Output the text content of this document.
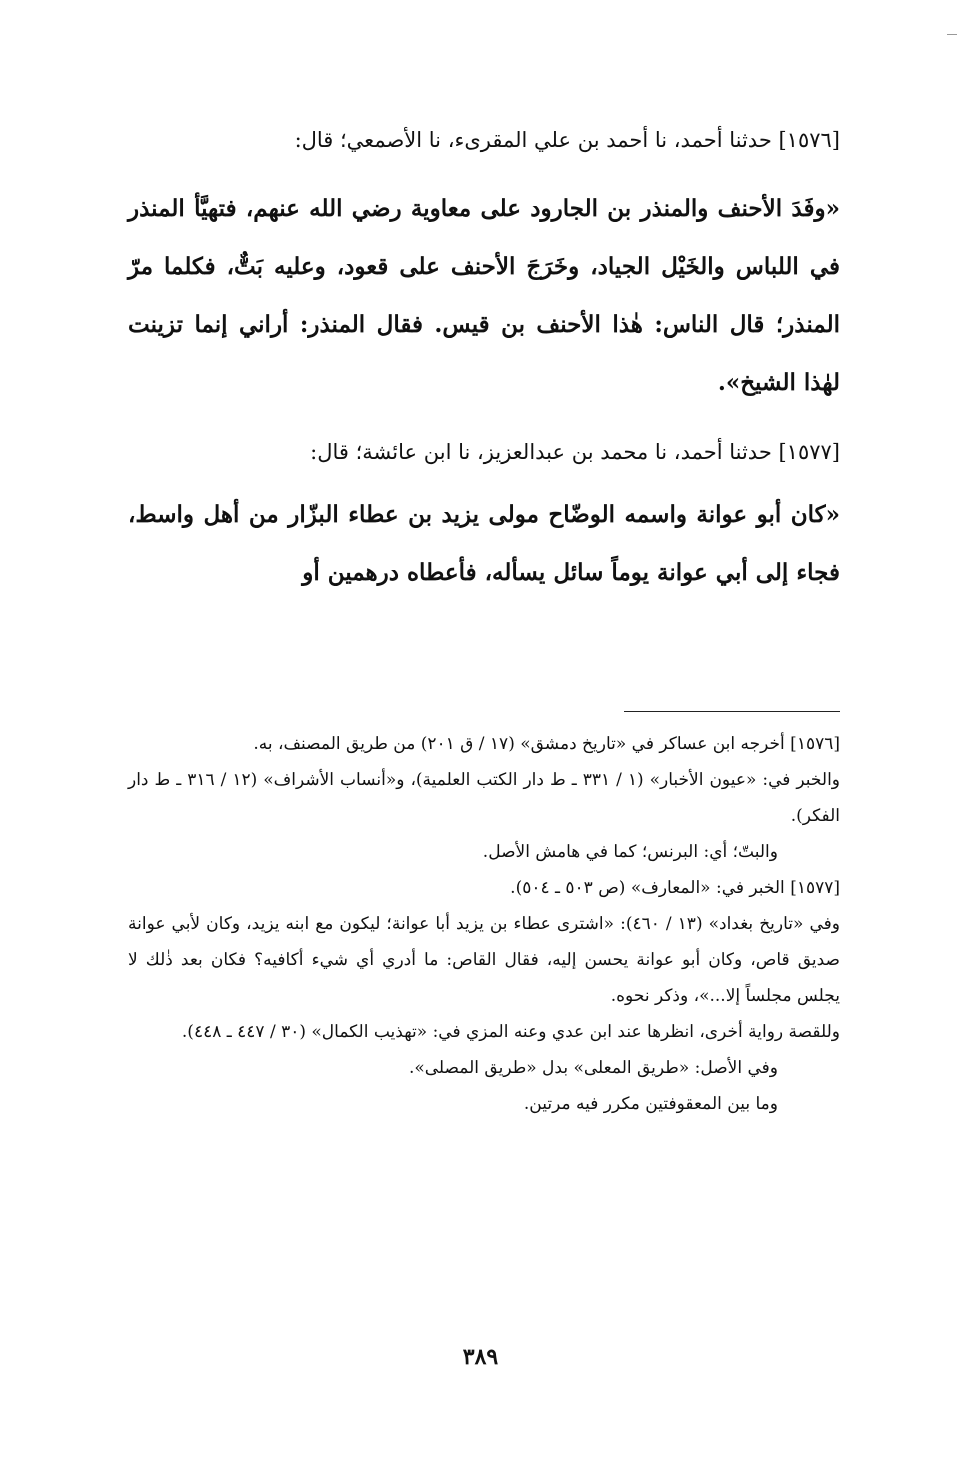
[١٥٧٦] حدثنا أحمد، نا أحمد بن علي المقرىء، نا الأصمعي؛ قال:

«وفَدَ الأحنف والمنذر بن الجارود على معاوية رضي الله عنهم، فتهيَّأ المنذر في اللباس والخَيْل الجياد، وخَرَجَ الأحنف على قعود، وعليه بَتٌّ، فكلما مرّ المنذر؛ قال الناس: هٰذا الأحنف بن قيس. فقال المنذر: أراني إنما تزينت لهٰذا الشيخ».

[١٥٧٧] حدثنا أحمد، نا محمد بن عبدالعزيز، نا ابن عائشة؛ قال:

«كان أبو عوانة واسمه الوضّاح مولى يزيد بن عطاء البزّار من أهل واسط، فجاء إلى أبي عوانة يوماً سائل يسأله، فأعطاه درهمين أو

[١٥٧٦] أخرجه ابن عساكر في «تاريخ دمشق» (١٧ / ق ٢٠١) من طريق المصنف، به.

والخبر في: «عيون الأخبار» (١ / ٣٣١ ـ ط دار الكتب العلمية)، و«أنساب الأشراف» (١٢ / ٣١٦ ـ ط دار الفكر).

والبتّ؛ أي: البرنس؛ كما في هامش الأصل.

[١٥٧٧] الخبر في: «المعارف» (ص ٥٠٣ ـ ٥٠٤).

وفي «تاريخ بغداد» (١٣ / ٤٦٠): «اشترى عطاء بن يزيد أبا عوانة؛ ليكون مع ابنه يزيد، وكان لأبي عوانة صديق قاص، وكان أبو عوانة يحسن إليه، فقال القاص: ما أدري أي شيء أكافيه؟ فكان بعد ذٰلك لا يجلس مجلساً إلا...»، وذكر نحوه.

وللقصة رواية أخرى، انظرها عند ابن عدي وعنه المزي في: «تهذيب الكمال» (٣٠ / ٤٤٧ ـ ٤٤٨).

وفي الأصل: «طريق المعلى» بدل «طريق المصلى».

وما بين المعقوفتين مكرر فيه مرتين.

٣٨٩
